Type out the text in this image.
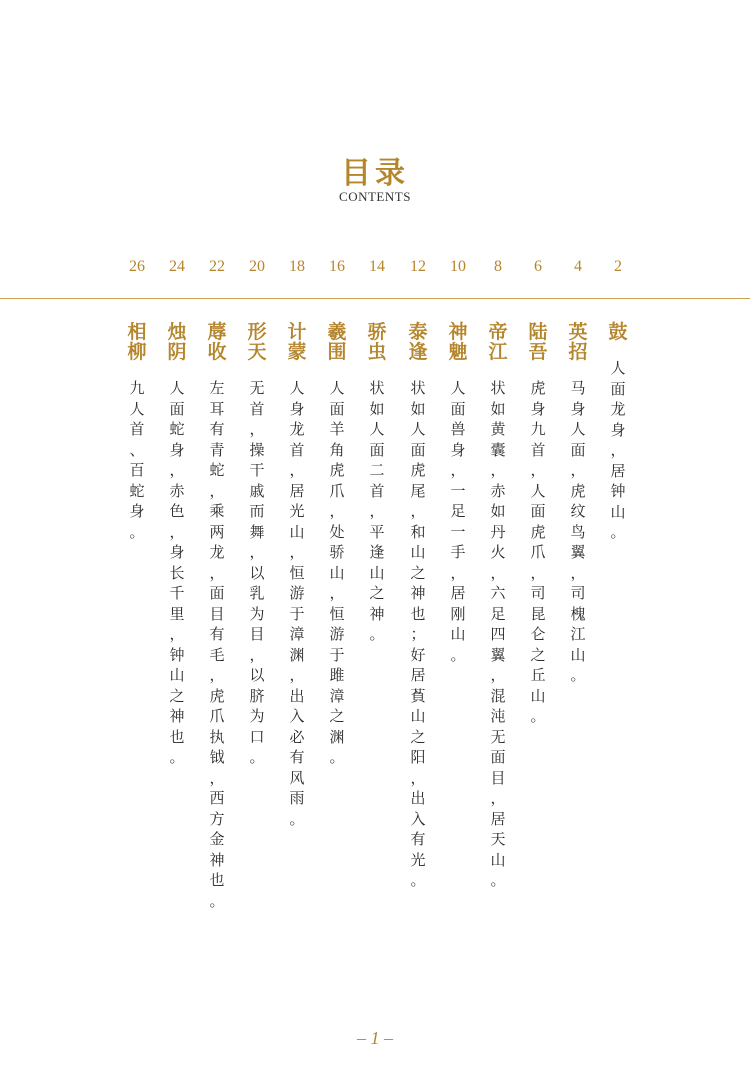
目录
CONTENTS
2
4
6
8
10
12
14
16
18
20
22
24
26
鼓
人
面
龙
身
，
居
钟
山
。
英
招
马
身
人
面
，
虎
纹
鸟
翼
，
司
槐
江
山
。
陆
吾
虎
身
九
首
，
人
面
虎
爪
，
司
昆
仑
之
丘
山
。
帝
江
状
如
黄
囊
，
赤
如
丹
火
，
六
足
四
翼
，
混
沌
无
面
目
，
居
天
山
。
神
䰠
人
面
兽
身
，
一
足
一
手
，
居
刚
山
。
泰
逢
状
如
人
面
虎
尾
，
和
山
之
神
也
；
好
居
萯
山
之
阳
，
出
入
有
光
。
骄
虫
状
如
人
面
二
首
，
平
逢
山
之
神
。
羲
围
人
面
羊
角
虎
爪
，
处
骄
山
，
恒
游
于
雎
漳
之
渊
。
计
蒙
人
身
龙
首
，
居
光
山
，
恒
游
于
漳
渊
，
出
入
必
有
风
雨
。
形
天
无
首
，
操
干
戚
而
舞
，
以
乳
为
目
，
以
脐
为
口
。
蓐
收
左
耳
有
青
蛇
，
乘
两
龙
，
面
目
有
毛
，
虎
爪
执
钺
，
西
方
金
神
也
。
烛
阴
人
面
蛇
身
，
赤
色
，
身
长
千
里
，
钟
山
之
神
也
。
相
柳
九
人
首
、
百
蛇
身
。
– 1 –
